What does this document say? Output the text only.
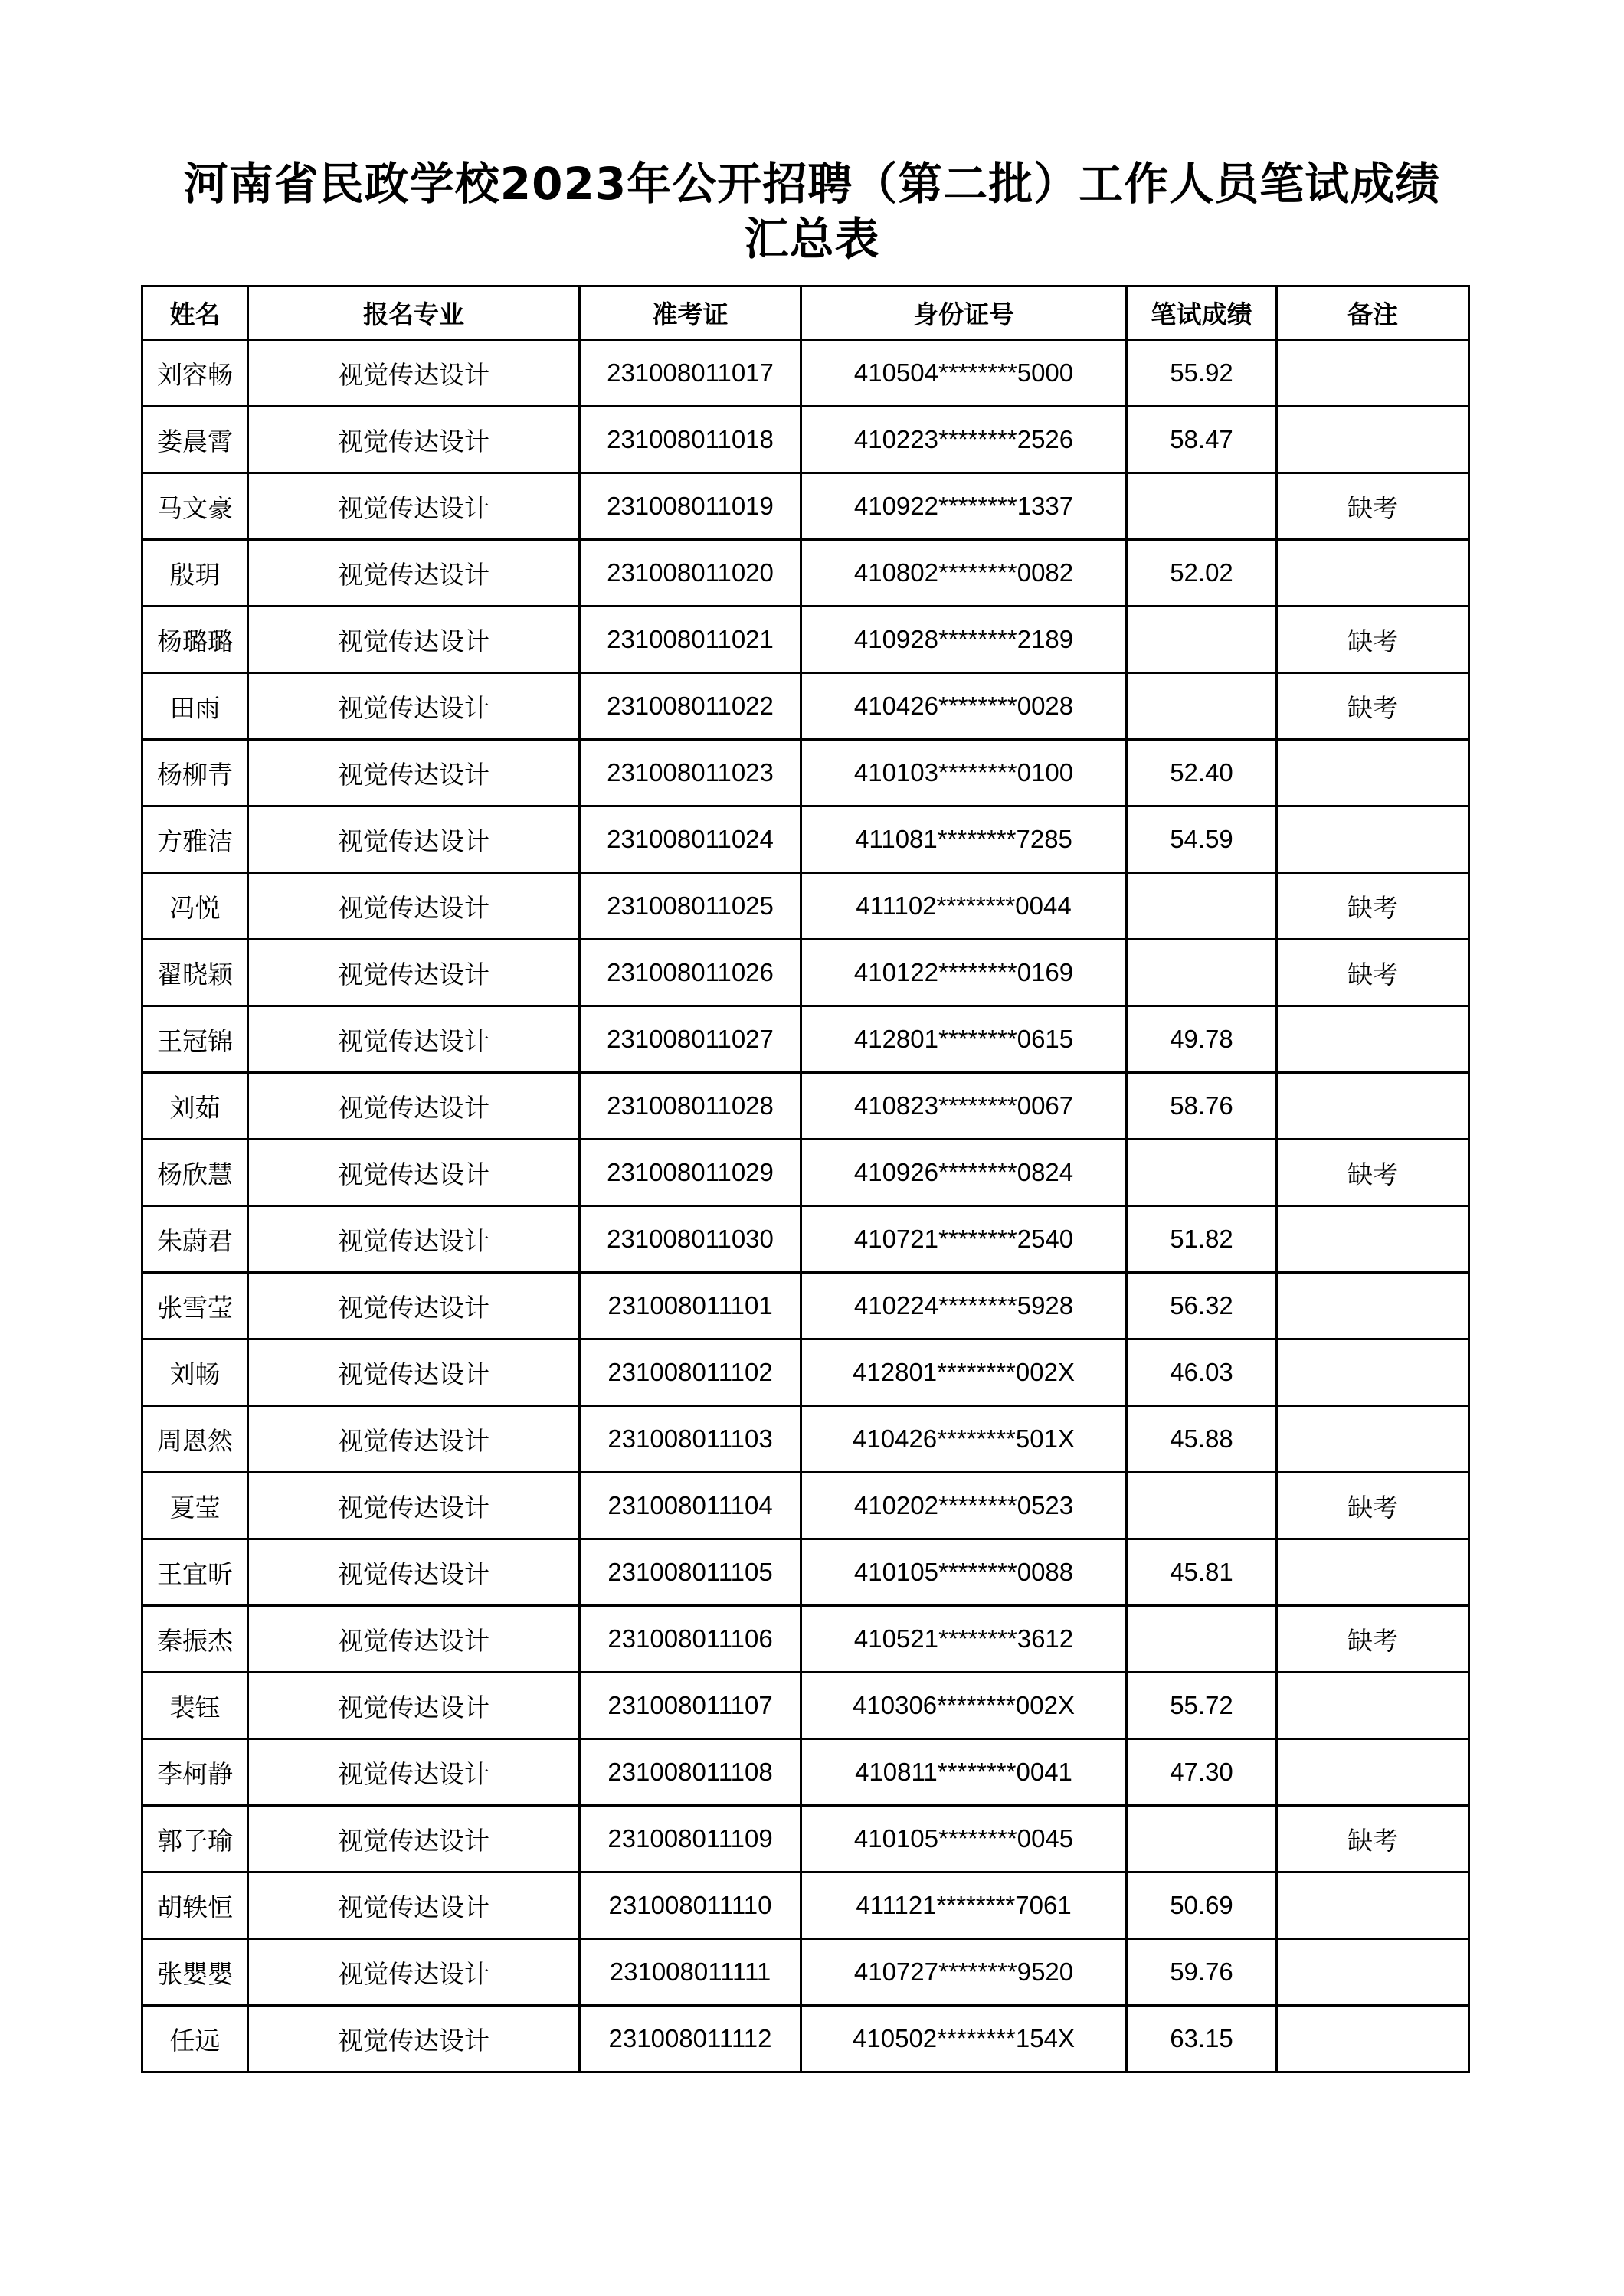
河南省民政学校2023年公开招聘（第二批）工作人员笔试成绩
汇总表
姓名	报名专业	准考证	身份证号	笔试成绩	备注
刘容畅	视觉传达设计	231008011017	410504********5000	55.92	
娄晨霄	视觉传达设计	231008011018	410223********2526	58.47	
马文豪	视觉传达设计	231008011019	410922********1337		缺考
殷玥	视觉传达设计	231008011020	410802********0082	52.02	
杨璐璐	视觉传达设计	231008011021	410928********2189		缺考
田雨	视觉传达设计	231008011022	410426********0028		缺考
杨柳青	视觉传达设计	231008011023	410103********0100	52.40	
方雅洁	视觉传达设计	231008011024	411081********7285	54.59	
冯悦	视觉传达设计	231008011025	411102********0044		缺考
翟晓颖	视觉传达设计	231008011026	410122********0169		缺考
王冠锦	视觉传达设计	231008011027	412801********0615	49.78	
刘茹	视觉传达设计	231008011028	410823********0067	58.76	
杨欣慧	视觉传达设计	231008011029	410926********0824		缺考
朱蔚君	视觉传达设计	231008011030	410721********2540	51.82	
张雪莹	视觉传达设计	231008011101	410224********5928	56.32	
刘畅	视觉传达设计	231008011102	412801********002X	46.03	
周恩然	视觉传达设计	231008011103	410426********501X	45.88	
夏莹	视觉传达设计	231008011104	410202********0523		缺考
王宜昕	视觉传达设计	231008011105	410105********0088	45.81	
秦振杰	视觉传达设计	231008011106	410521********3612		缺考
裴钰	视觉传达设计	231008011107	410306********002X	55.72	
李柯静	视觉传达设计	231008011108	410811********0041	47.30	
郭子瑜	视觉传达设计	231008011109	410105********0045		缺考
胡轶恒	视觉传达设计	231008011110	411121********7061	50.69	
张嬰嬰	视觉传达设计	231008011111	410727********9520	59.76	
任远	视觉传达设计	231008011112	410502********154X	63.15	
